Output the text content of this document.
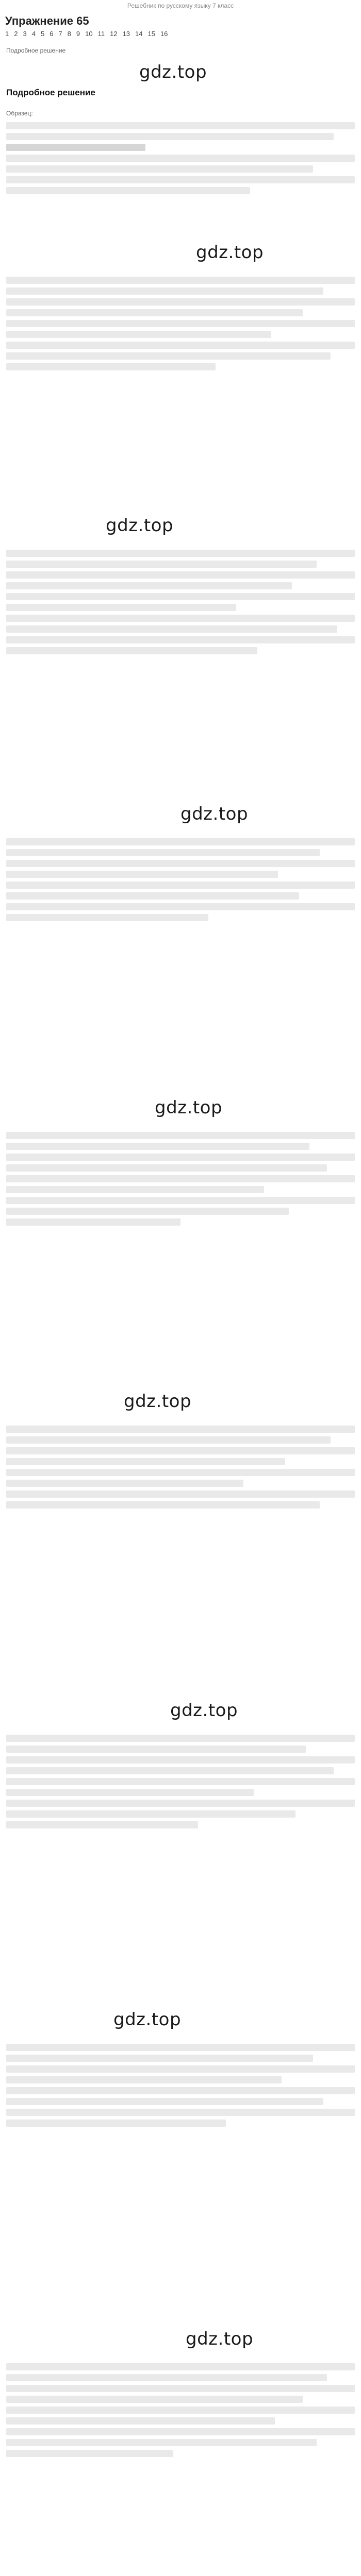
Решебник по русскому языку 7 класс
Упражнение 65
1 2 3 4 5 6 7 8 9 10 11 12 13 14 15 16
Подробное решение
gdz.top
Подробное решение
Образец:
gdz.top
gdz.top
gdz.top
gdz.top
gdz.top
gdz.top
gdz.top
gdz.top
